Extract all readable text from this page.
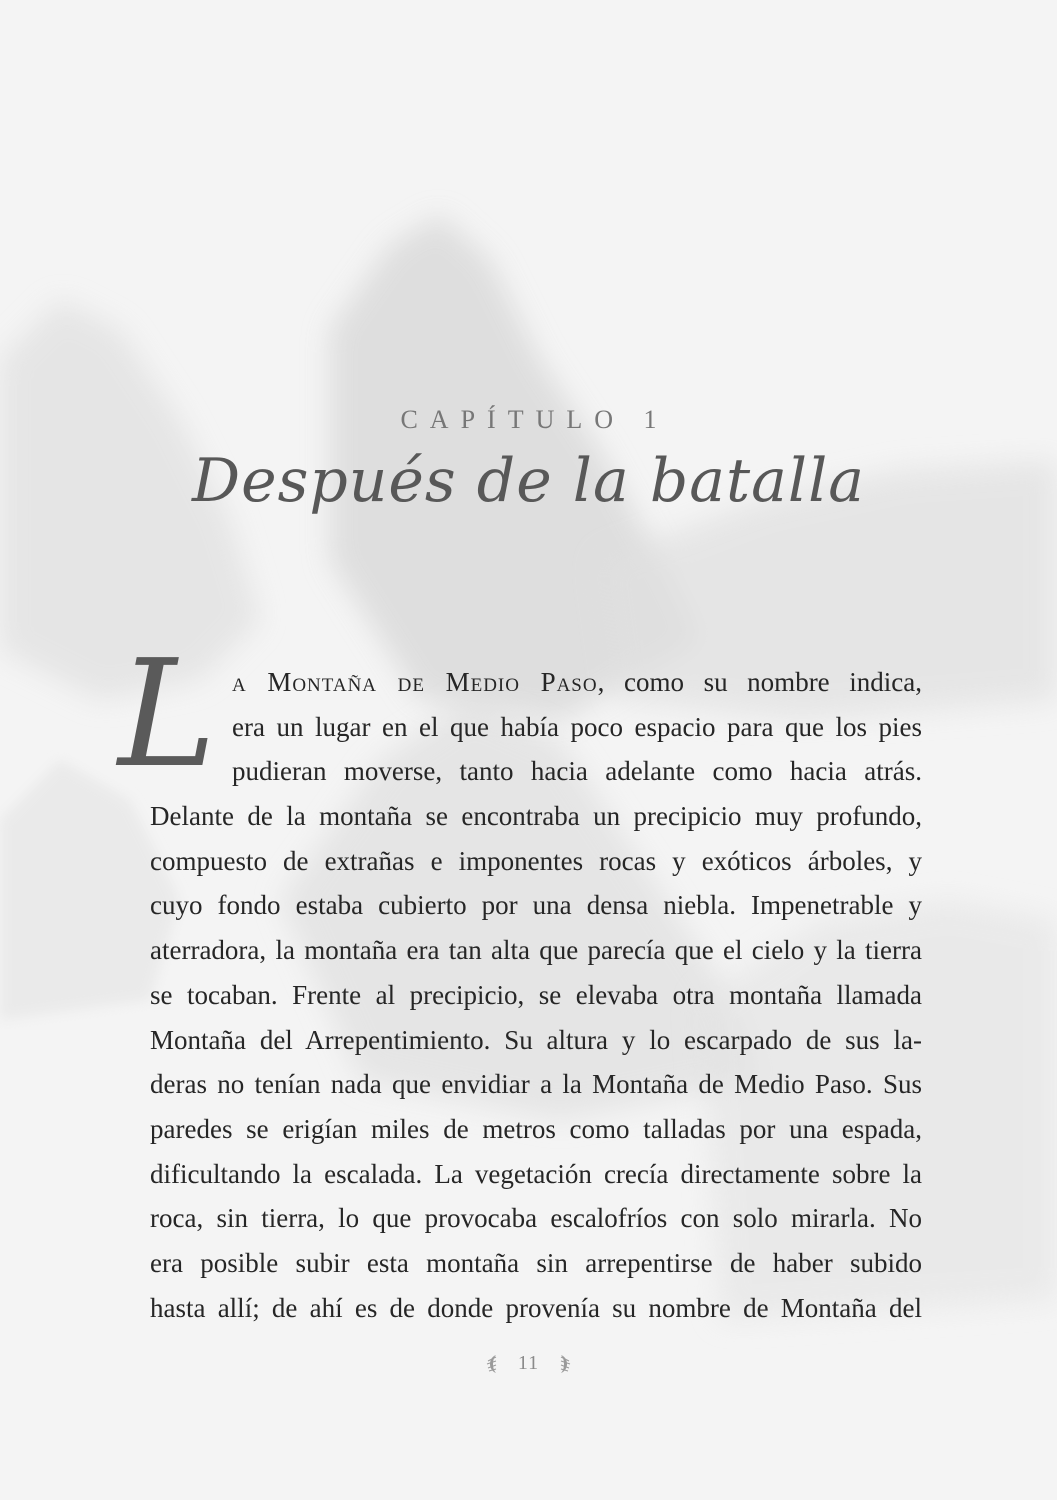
CAPÍTULO 1
Después de la batalla
L a Montaña de Medio Paso, como su nombre indica,
era un lugar en el que había poco espacio para que los pies
pudieran moverse, tanto hacia adelante como hacia atrás.
Delante de la montaña se encontraba un precipicio muy profundo,
compuesto de extrañas e imponentes rocas y exóticos árboles, y
cuyo fondo estaba cubierto por una densa niebla. Impenetrable y
aterradora, la montaña era tan alta que parecía que el cielo y la tierra
se tocaban. Frente al precipicio, se elevaba otra montaña llamada
Montaña del Arrepentimiento. Su altura y lo escarpado de sus la-
deras no tenían nada que envidiar a la Montaña de Medio Paso. Sus
paredes se erigían miles de metros como talladas por una espada,
dificultando la escalada. La vegetación crecía directamente sobre la
roca, sin tierra, lo que provocaba escalofríos con solo mirarla. No
era posible subir esta montaña sin arrepentirse de haber subido
hasta allí; de ahí es de donde provenía su nombre de Montaña del
11
